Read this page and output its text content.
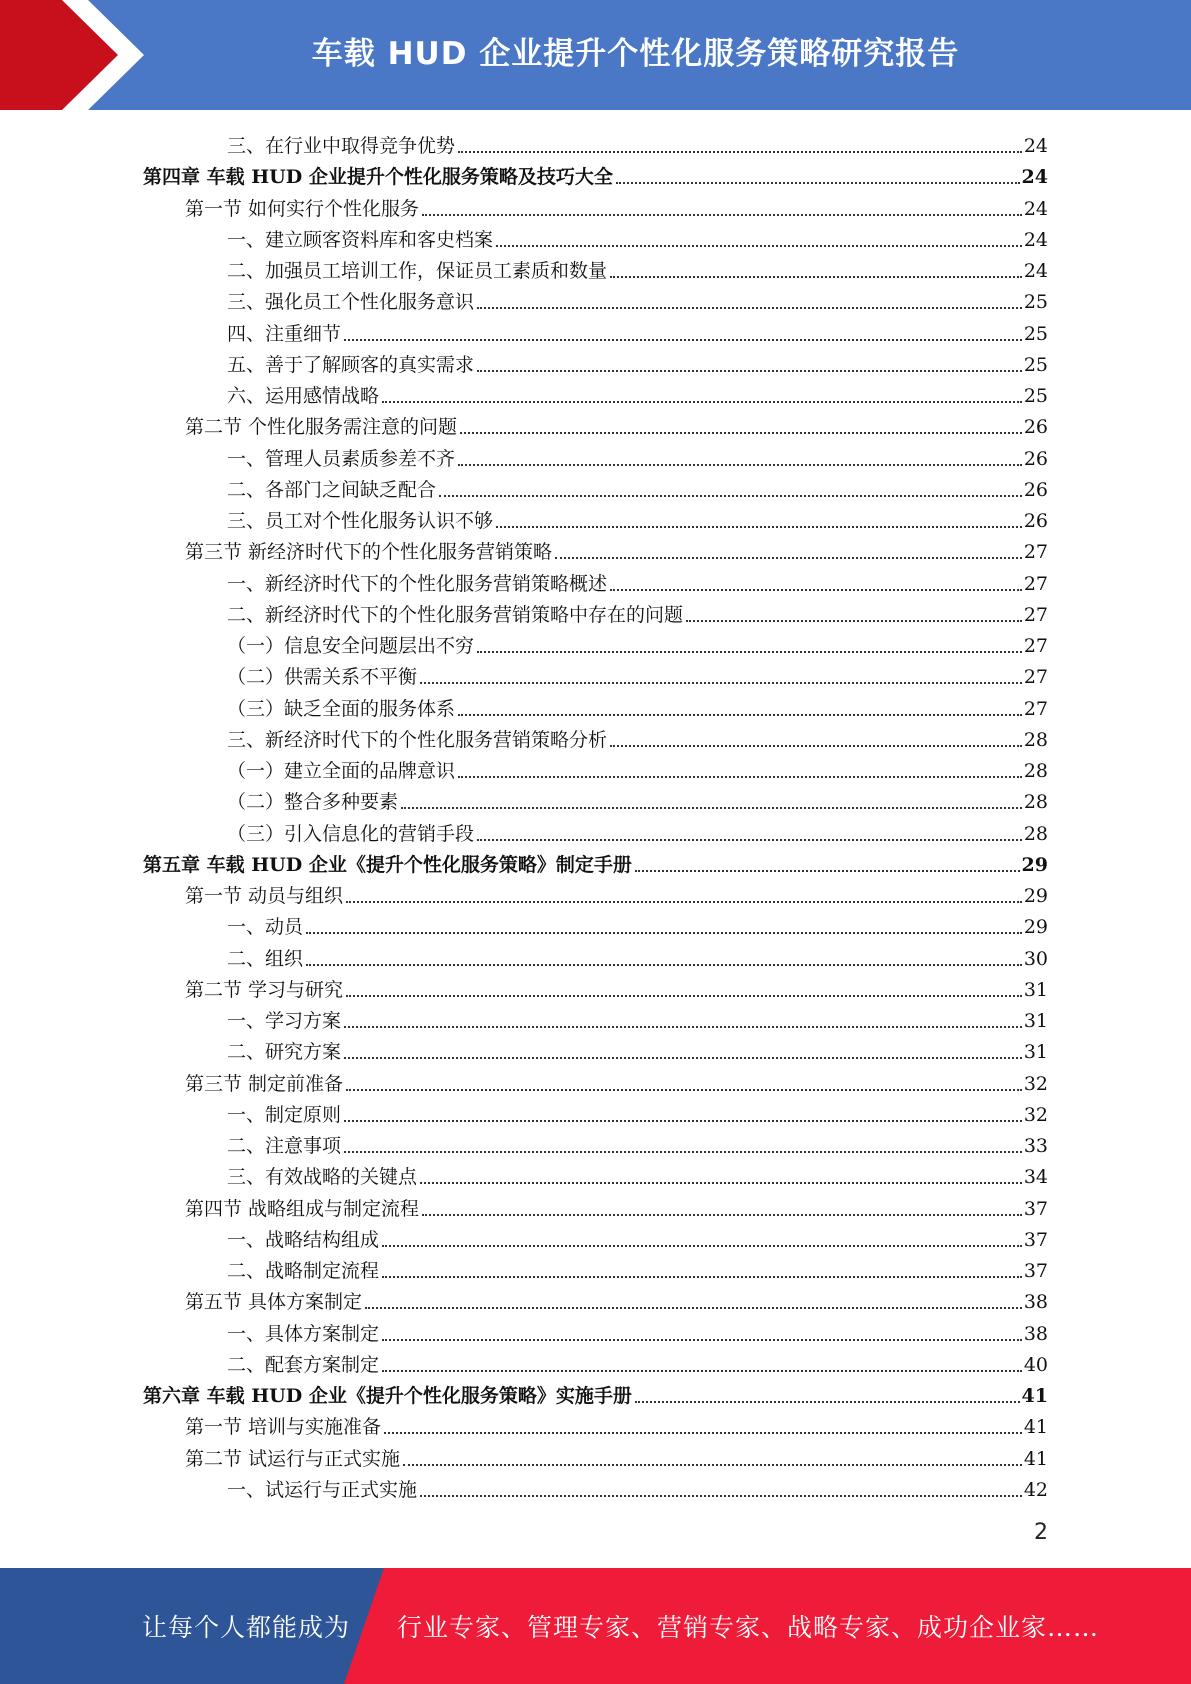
车载 HUD 企业提升个性化服务策略研究报告
三、在行业中取得竞争优势	24
第四章 车载 HUD 企业提升个性化服务策略及技巧大全	24
第一节 如何实行个性化服务	24
一、建立顾客资料库和客史档案	24
二、加强员工培训工作，保证员工素质和数量	24
三、强化员工个性化服务意识	25
四、注重细节	25
五、善于了解顾客的真实需求	25
六、运用感情战略	25
第二节 个性化服务需注意的问题	26
一、管理人员素质参差不齐	26
二、各部门之间缺乏配合	26
三、员工对个性化服务认识不够	26
第三节 新经济时代下的个性化服务营销策略	27
一、新经济时代下的个性化服务营销策略概述	27
二、新经济时代下的个性化服务营销策略中存在的问题	27
（一）信息安全问题层出不穷	27
（二）供需关系不平衡	27
（三）缺乏全面的服务体系	27
三、新经济时代下的个性化服务营销策略分析	28
（一）建立全面的品牌意识	28
（二）整合多种要素	28
（三）引入信息化的营销手段	28
第五章 车载 HUD 企业《提升个性化服务策略》制定手册	29
第一节 动员与组织	29
一、动员	29
二、组织	30
第二节 学习与研究	31
一、学习方案	31
二、研究方案	31
第三节 制定前准备	32
一、制定原则	32
二、注意事项	33
三、有效战略的关键点	34
第四节 战略组成与制定流程	37
一、战略结构组成	37
二、战略制定流程	37
第五节 具体方案制定	38
一、具体方案制定	38
二、配套方案制定	40
第六章 车载 HUD 企业《提升个性化服务策略》实施手册	41
第一节 培训与实施准备	41
第二节 试运行与正式实施	41
一、试运行与正式实施	42
2
让每个人都能成为 行业专家、管理专家、营销专家、战略专家、成功企业家……
